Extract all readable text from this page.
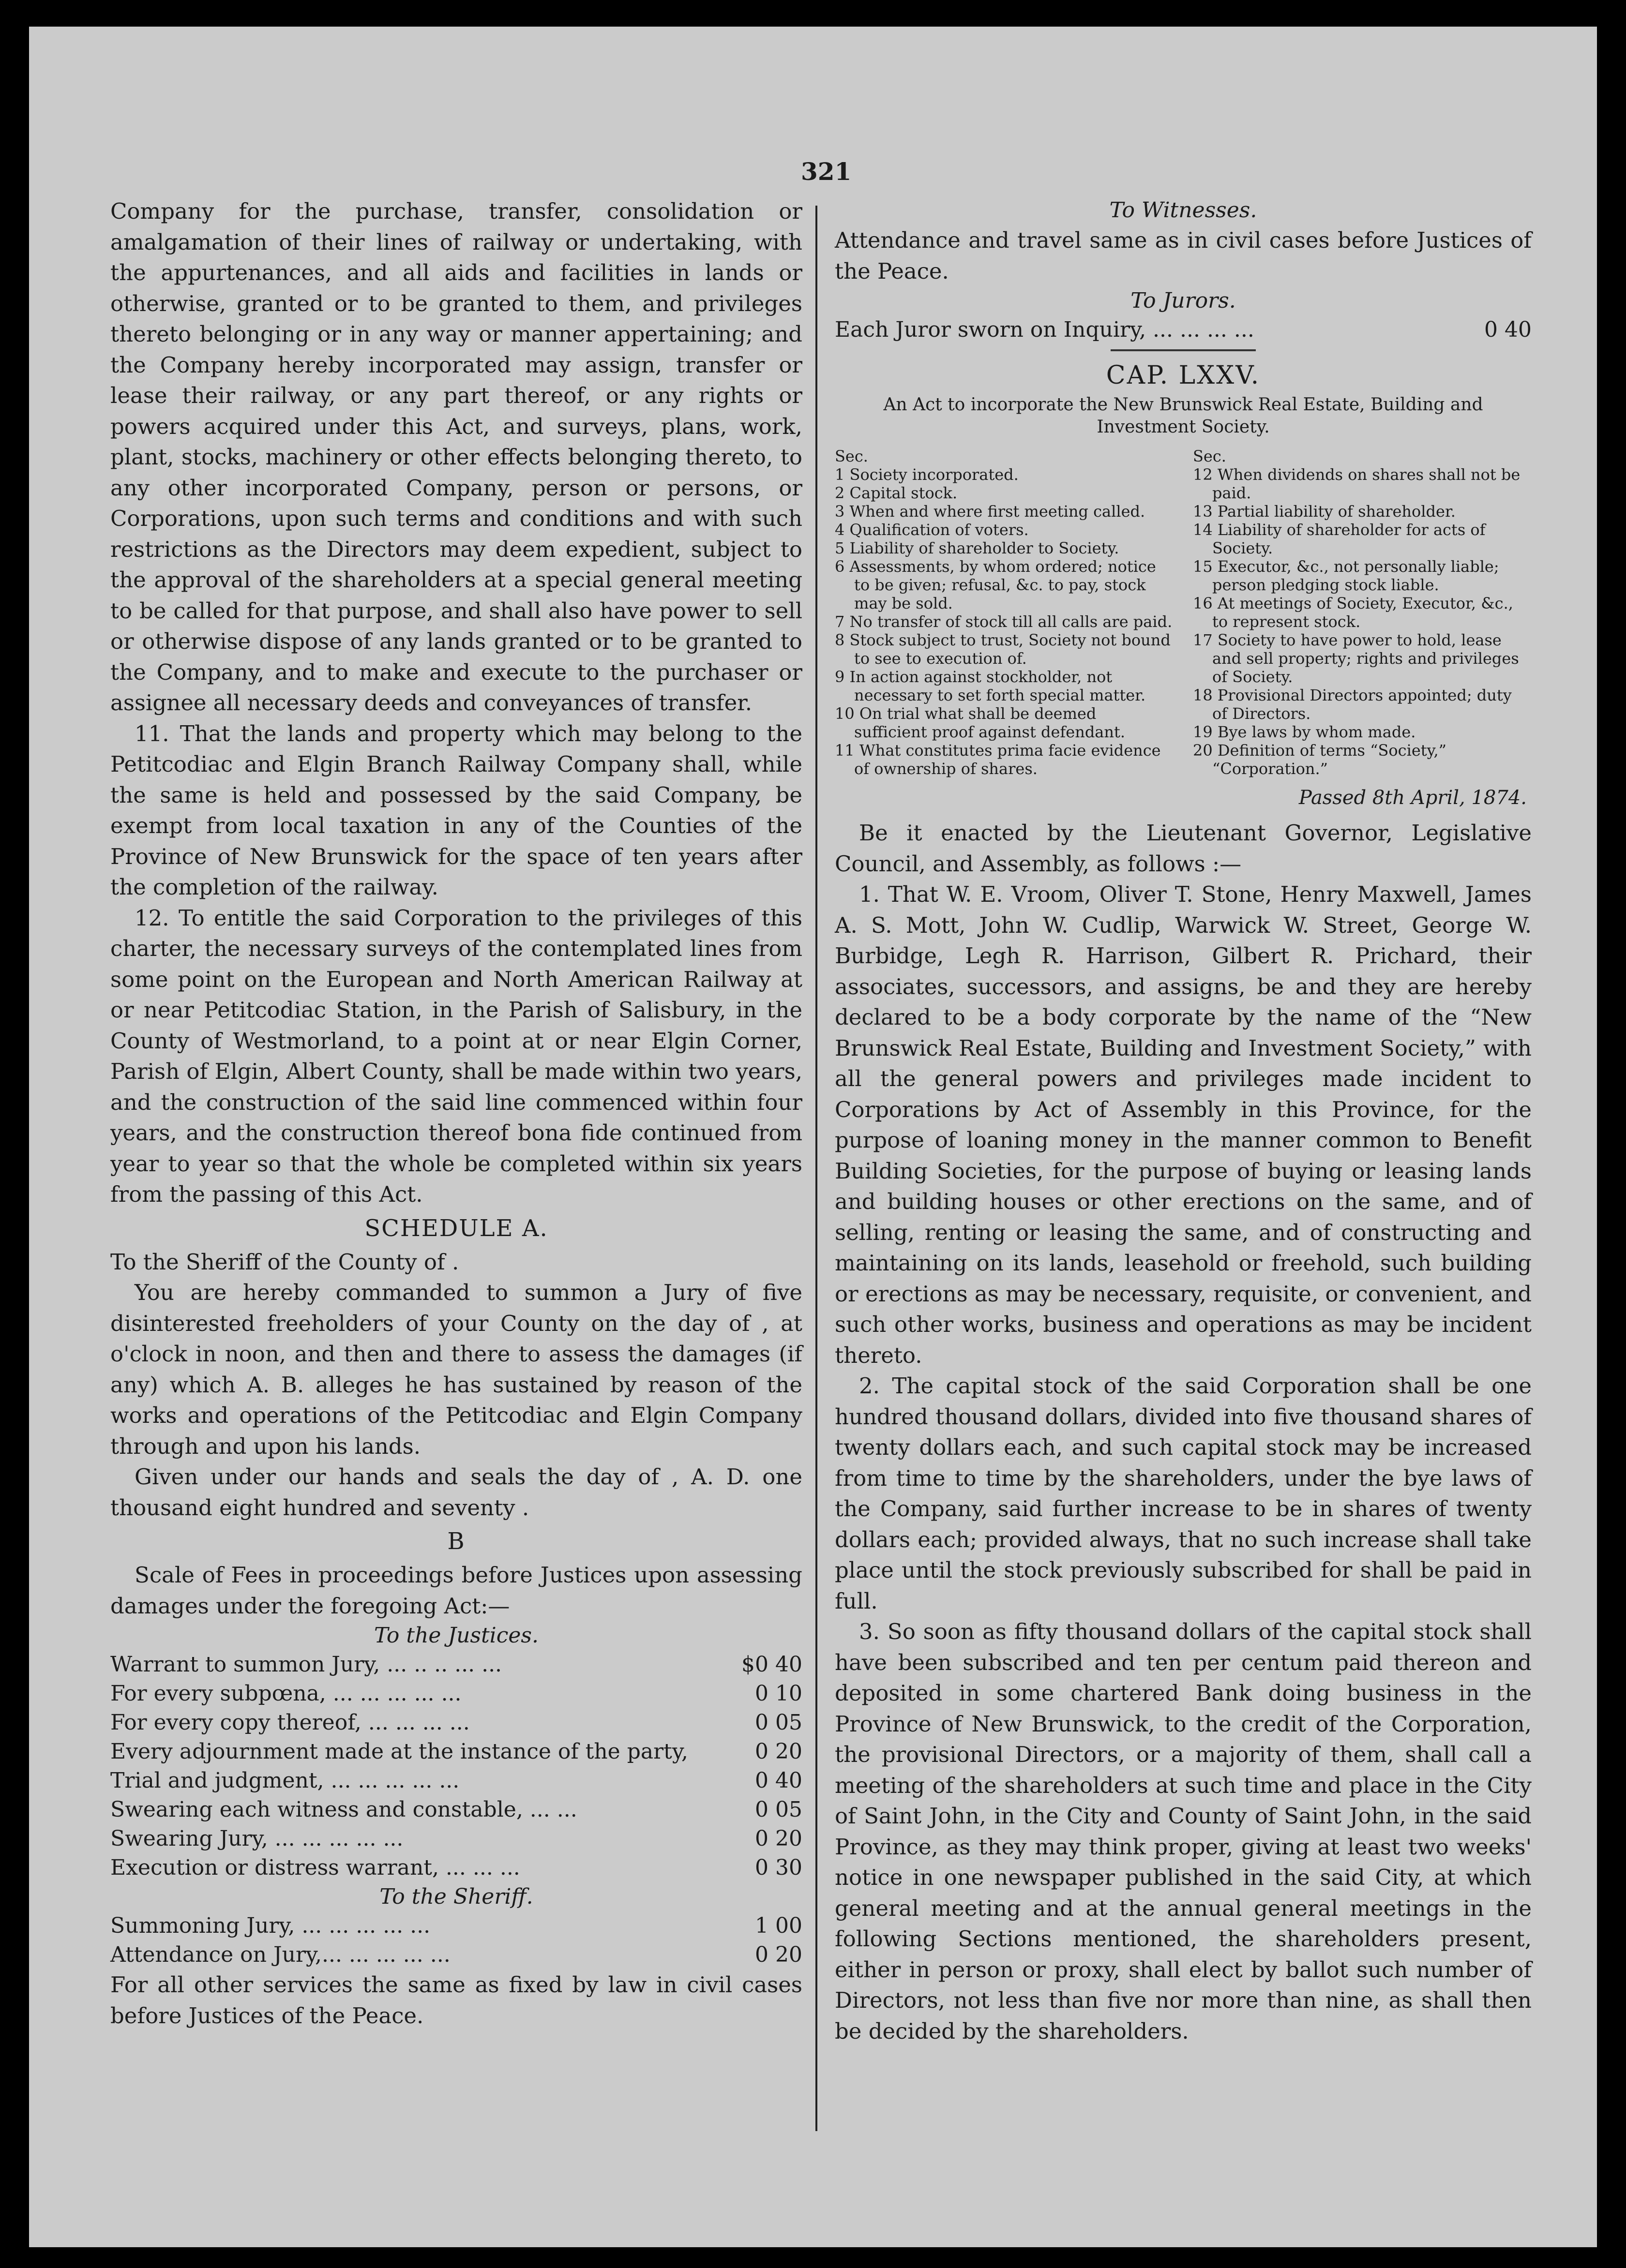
321

Company for the purchase, transfer, consolidation or amalgamation of their lines of railway or undertaking, with the appurtenances, and all aids and facilities in lands or otherwise, granted or to be granted to them, and privileges thereto belonging or in any way or manner appertaining; and the Company hereby incorporated may assign, transfer or lease their railway, or any part thereof, or any rights or powers acquired under this Act, and surveys, plans, work, plant, stocks, machinery or other effects belonging thereto, to any other incorporated Company, person or persons, or Corporations, upon such terms and conditions and with such restrictions as the Directors may deem expedient, subject to the approval of the shareholders at a special general meeting to be called for that purpose, and shall also have power to sell or otherwise dispose of any lands granted or to be granted to the Company, and to make and execute to the purchaser or assignee all necessary deeds and conveyances of transfer.

11. That the lands and property which may belong to the Petitcodiac and Elgin Branch Railway Company shall, while the same is held and possessed by the said Company, be exempt from local taxation in any of the Counties of the Province of New Brunswick for the space of ten years after the completion of the railway.

12. To entitle the said Corporation to the privileges of this charter, the necessary surveys of the contemplated lines from some point on the European and North American Railway at or near Petitcodiac Station, in the Parish of Salisbury, in the County of Westmorland, to a point at or near Elgin Corner, Parish of Elgin, Albert County, shall be made within two years, and the construction of the said line commenced within four years, and the construction thereof bona fide continued from year to year so that the whole be completed within six years from the passing of this Act.

SCHEDULE A.

To the Sheriff of the County of .

You are hereby commanded to summon a Jury of five disinterested freeholders of your County on the day of , at o'clock in noon, and then and there to assess the damages (if any) which A. B. alleges he has sustained by reason of the works and operations of the Petitcodiac and Elgin Company through and upon his lands.

Given under our hands and seals the day of , A. D. one thousand eight hundred and seventy .

B

Scale of Fees in proceedings before Justices upon assessing damages under the foregoing Act:—

To the Justices.
Warrant to summon Jury, ... .. .. ... ...	$0 40
For every subpœna, ... ... ... ... ...	0 10
For every copy thereof, ... ... ... ...	0 05
Every adjournment made at the instance of the party,	0 20
Trial and judgment, ... ... ... ... ...	0 40
Swearing each witness and constable, ... ...	0 05
Swearing Jury, ... ... ... ... ...	0 20
Execution or distress warrant, ... ... ...	0 30
To the Sheriff.
Summoning Jury, ... ... ... ... ...	1 00
Attendance on Jury,... ... ... ... ...	0 20

For all other services the same as fixed by law in civil cases before Justices of the Peace.

To Witnesses.

Attendance and travel same as in civil cases before Justices of the Peace.

To Jurors.
Each Juror sworn on Inquiry, ... ... ... ...	0 40
CAP. LXXV.
An Act to incorporate the New Brunswick Real Estate, Building and Investment Society.
Sec.
1 Society incorporated.
2 Capital stock.
3 When and where first meeting called.
4 Qualification of voters.
5 Liability of shareholder to Society.
6 Assessments, by whom ordered; notice to be given; refusal, &c. to pay, stock may be sold.
7 No transfer of stock till all calls are paid.
8 Stock subject to trust, Society not bound to see to execution of.
9 In action against stockholder, not necessary to set forth special matter.
10 On trial what shall be deemed sufficient proof against defendant.
11 What constitutes prima facie evidence of ownership of shares.
Sec.
12 When dividends on shares shall not be paid.
13 Partial liability of shareholder.
14 Liability of shareholder for acts of Society.
15 Executor, &c., not personally liable; person pledging stock liable.
16 At meetings of Society, Executor, &c., to represent stock.
17 Society to have power to hold, lease and sell property; rights and privileges of Society.
18 Provisional Directors appointed; duty of Directors.
19 Bye laws by whom made.
20 Definition of terms “Society,” “Corporation.”
Passed 8th April, 1874.

Be it enacted by the Lieutenant Governor, Legislative Council, and Assembly, as follows :—

1. That W. E. Vroom, Oliver T. Stone, Henry Maxwell, James A. S. Mott, John W. Cudlip, Warwick W. Street, George W. Burbidge, Legh R. Harrison, Gilbert R. Prichard, their associates, successors, and assigns, be and they are hereby declared to be a body corporate by the name of the “New Brunswick Real Estate, Building and Investment Society,” with all the general powers and privileges made incident to Corporations by Act of Assembly in this Province, for the purpose of loaning money in the manner common to Benefit Building Societies, for the purpose of buying or leasing lands and building houses or other erections on the same, and of selling, renting or leasing the same, and of constructing and maintaining on its lands, leasehold or freehold, such building or erections as may be necessary, requisite, or convenient, and such other works, business and operations as may be incident thereto.

2. The capital stock of the said Corporation shall be one hundred thousand dollars, divided into five thousand shares of twenty dollars each, and such capital stock may be increased from time to time by the shareholders, under the bye laws of the Company, said further increase to be in shares of twenty dollars each; provided always, that no such increase shall take place until the stock previously subscribed for shall be paid in full.

3. So soon as fifty thousand dollars of the capital stock shall have been subscribed and ten per centum paid thereon and deposited in some chartered Bank doing business in the Province of New Brunswick, to the credit of the Corporation, the provisional Directors, or a majority of them, shall call a meeting of the shareholders at such time and place in the City of Saint John, in the City and County of Saint John, in the said Province, as they may think proper, giving at least two weeks' notice in one newspaper published in the said City, at which general meeting and at the annual general meetings in the following Sections mentioned, the shareholders present, either in person or proxy, shall elect by ballot such number of Directors, not less than five nor more than nine, as shall then be decided by the shareholders.
